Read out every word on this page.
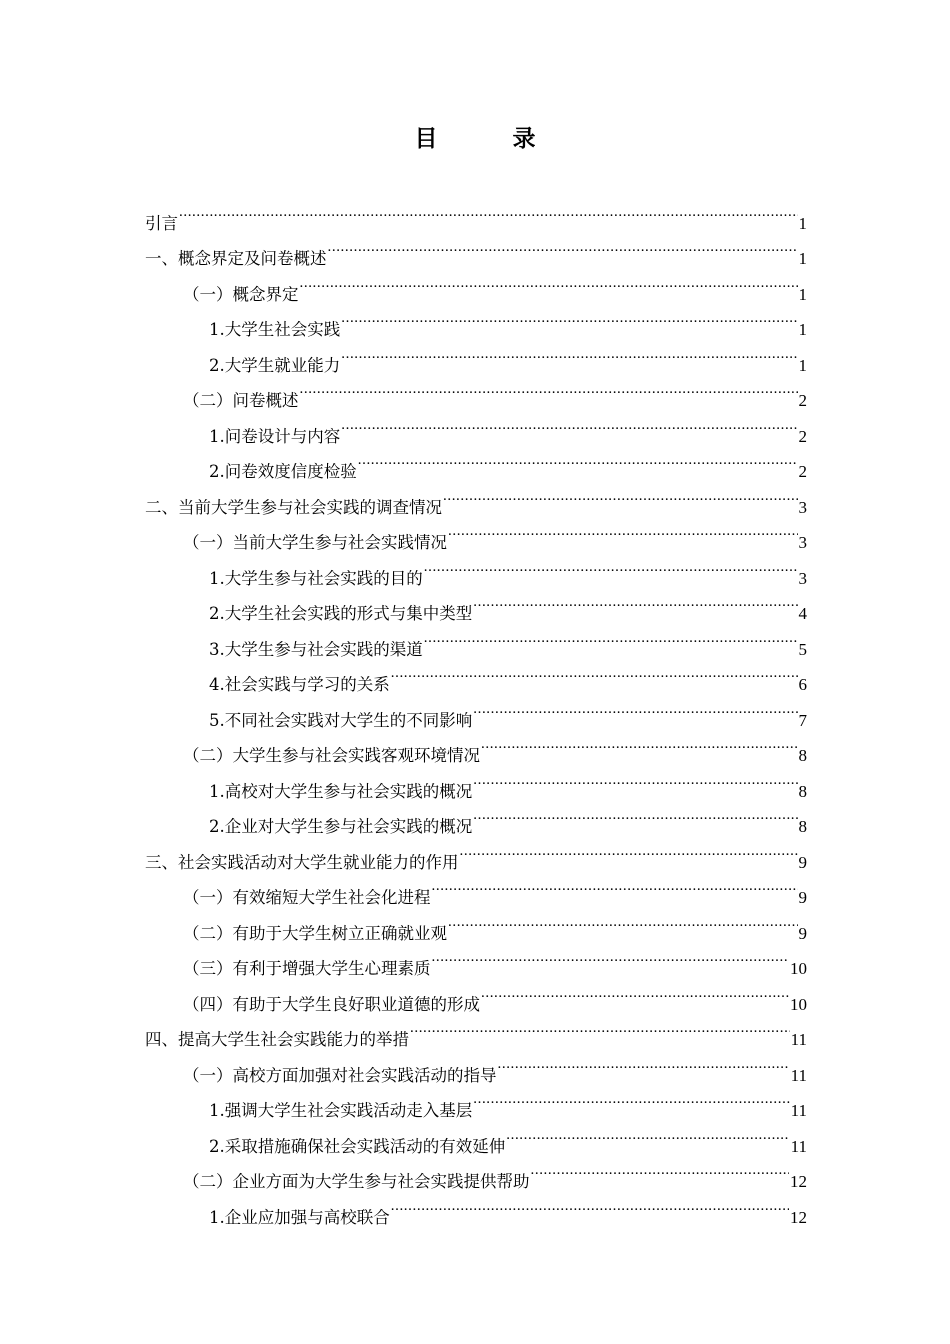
目　录
引言 .....	1
一、概念界定及问卷概述 .....	1
（一）概念界定 .....	1
1.大学生社会实践 .....	1
2.大学生就业能力 .....	1
（二）问卷概述 .....	2
1.问卷设计与内容 .....	2
2.问卷效度信度检验 .....	2
二、当前大学生参与社会实践的调查情况 .....	3
（一）当前大学生参与社会实践情况 .....	3
1.大学生参与社会实践的目的 .....	3
2.大学生社会实践的形式与集中类型 .....	4
3.大学生参与社会实践的渠道 .....	5
4.社会实践与学习的关系 .....	6
5.不同社会实践对大学生的不同影响 .....	7
（二）大学生参与社会实践客观环境情况 .....	8
1.高校对大学生参与社会实践的概况 .....	8
2.企业对大学生参与社会实践的概况 .....	8
三、社会实践活动对大学生就业能力的作用 .....	9
（一）有效缩短大学生社会化进程 .....	9
（二）有助于大学生树立正确就业观 .....	9
（三）有利于增强大学生心理素质 .....	10
（四）有助于大学生良好职业道德的形成 .....	10
四、提高大学生社会实践能力的举措 .....	11
（一）高校方面加强对社会实践活动的指导 .....	11
1.强调大学生社会实践活动走入基层 .....	11
2.采取措施确保社会实践活动的有效延伸 .....	11
（二）企业方面为大学生参与社会实践提供帮助 .....	12
1.企业应加强与高校联合 .....	12
